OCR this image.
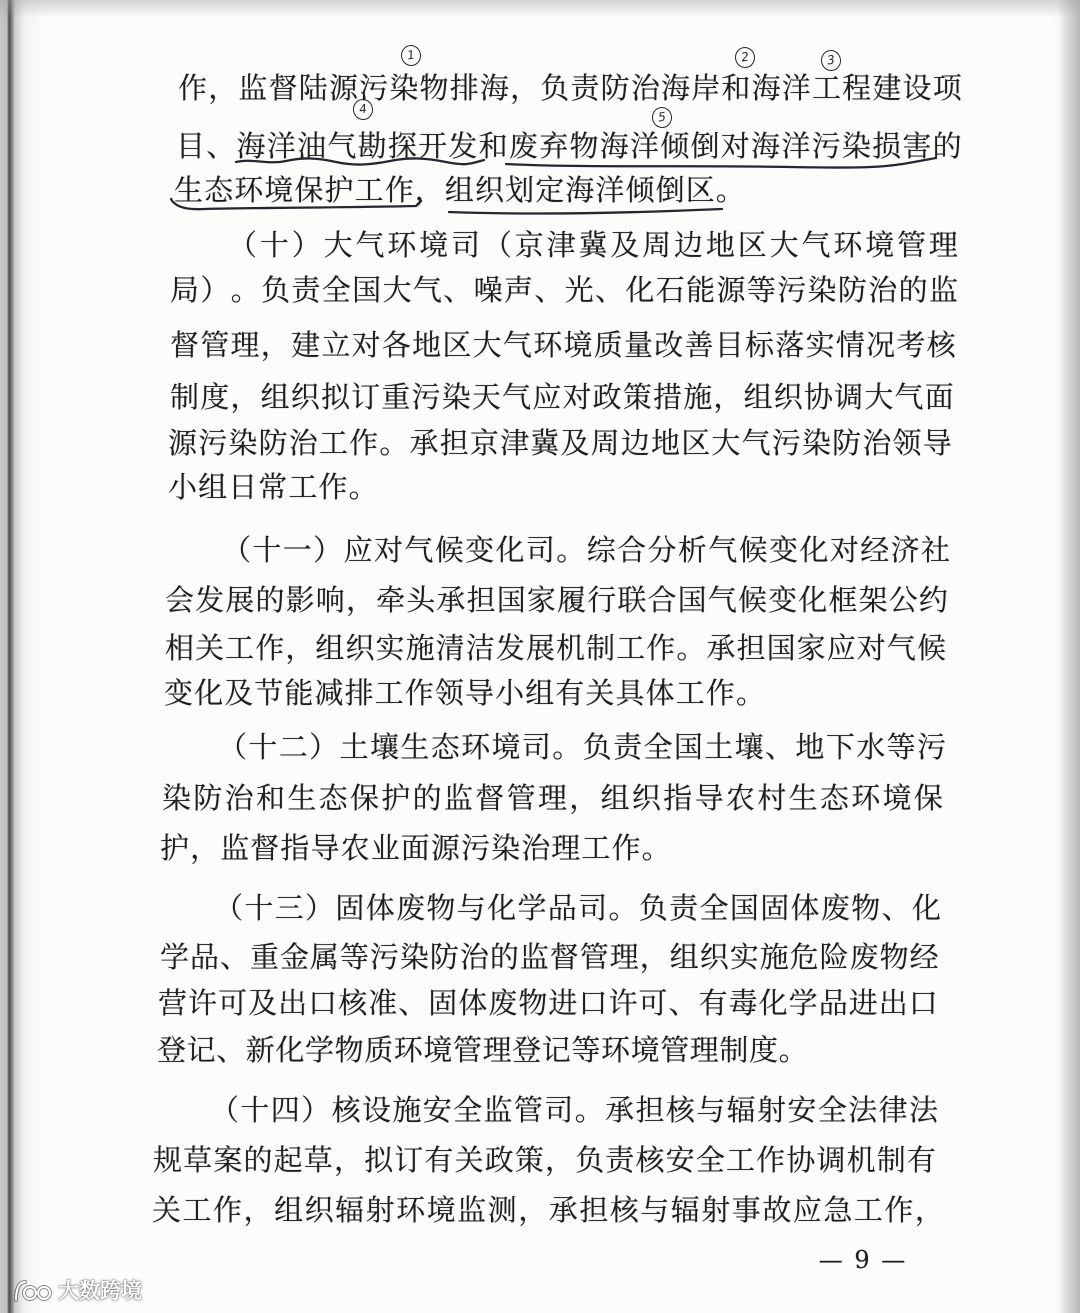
作 ， 监 督 陆 源 污 染 物 排 海 ， 负 责 防 治 海 岸 和 海 洋 工 程 建 设 项
目 、 海 洋 油 气 勘 探 开 发 和 废 弃 物 海 洋 倾 倒 对 海 洋 污 染 损 害 的
生态环境保护工作，组织划定海洋倾倒区。
（ 十 ） 大 气 环 境 司 （ 京 津 冀 及 周 边 地 区 大 气 环 境 管 理
局 ） 。 负 责 全 国 大 气 、 噪 声 、 光 、 化 石 能 源 等 污 染 防 治 的 监
督 管 理 ， 建 立 对 各 地 区 大 气 环 境 质 量 改 善 目 标 落 实 情 况 考 核
制 度 ， 组 织 拟 订 重 污 染 天 气 应 对 政 策 措 施 ， 组 织 协 调 大 气 面
源 污 染 防 治 工 作 。 承 担 京 津 冀 及 周 边 地 区 大 气 污 染 防 治 领 导
小组日常工作。
（ 十 一 ） 应 对 气 候 变 化 司 。 综 合 分 析 气 候 变 化 对 经 济 社
会 发 展 的 影 响 ， 牵 头 承 担 国 家 履 行 联 合 国 气 候 变 化 框 架 公 约
相 关 工 作 ， 组 织 实 施 清 洁 发 展 机 制 工 作 。 承 担 国 家 应 对 气 候
变化及节能减排工作领导小组有关具体工作。
（ 十 二 ） 土 壤 生 态 环 境 司 。 负 责 全 国 土 壤 、 地 下 水 等 污
染 防 治 和 生 态 保 护 的 监 督 管 理 ， 组 织 指 导 农 村 生 态 环 境 保
护，监督指导农业面源污染治理工作。
（ 十 三 ） 固 体 废 物 与 化 学 品 司 。 负 责 全 国 固 体 废 物 、 化
学 品 、 重 金 属 等 污 染 防 治 的 监 督 管 理 ， 组 织 实 施 危 险 废 物 经
营 许 可 及 出 口 核 准 、 固 体 废 物 进 口 许 可 、 有 毒 化 学 品 进 出 口
登记、新化学物质环境管理登记等环境管理制度。
（ 十 四 ） 核 设 施 安 全 监 管 司 。 承 担 核 与 辐 射 安 全 法 律 法
规 草 案 的 起 草 ， 拟 订 有 关 政 策 ， 负 责 核 安 全 工 作 协 调 机 制 有
关 工 作 ， 组 织 辐 射 环 境 监 测 ， 承 担 核 与 辐 射 事 故 应 急 工 作 ，
— 9 —
1	2	3
4
5
大数跨境
